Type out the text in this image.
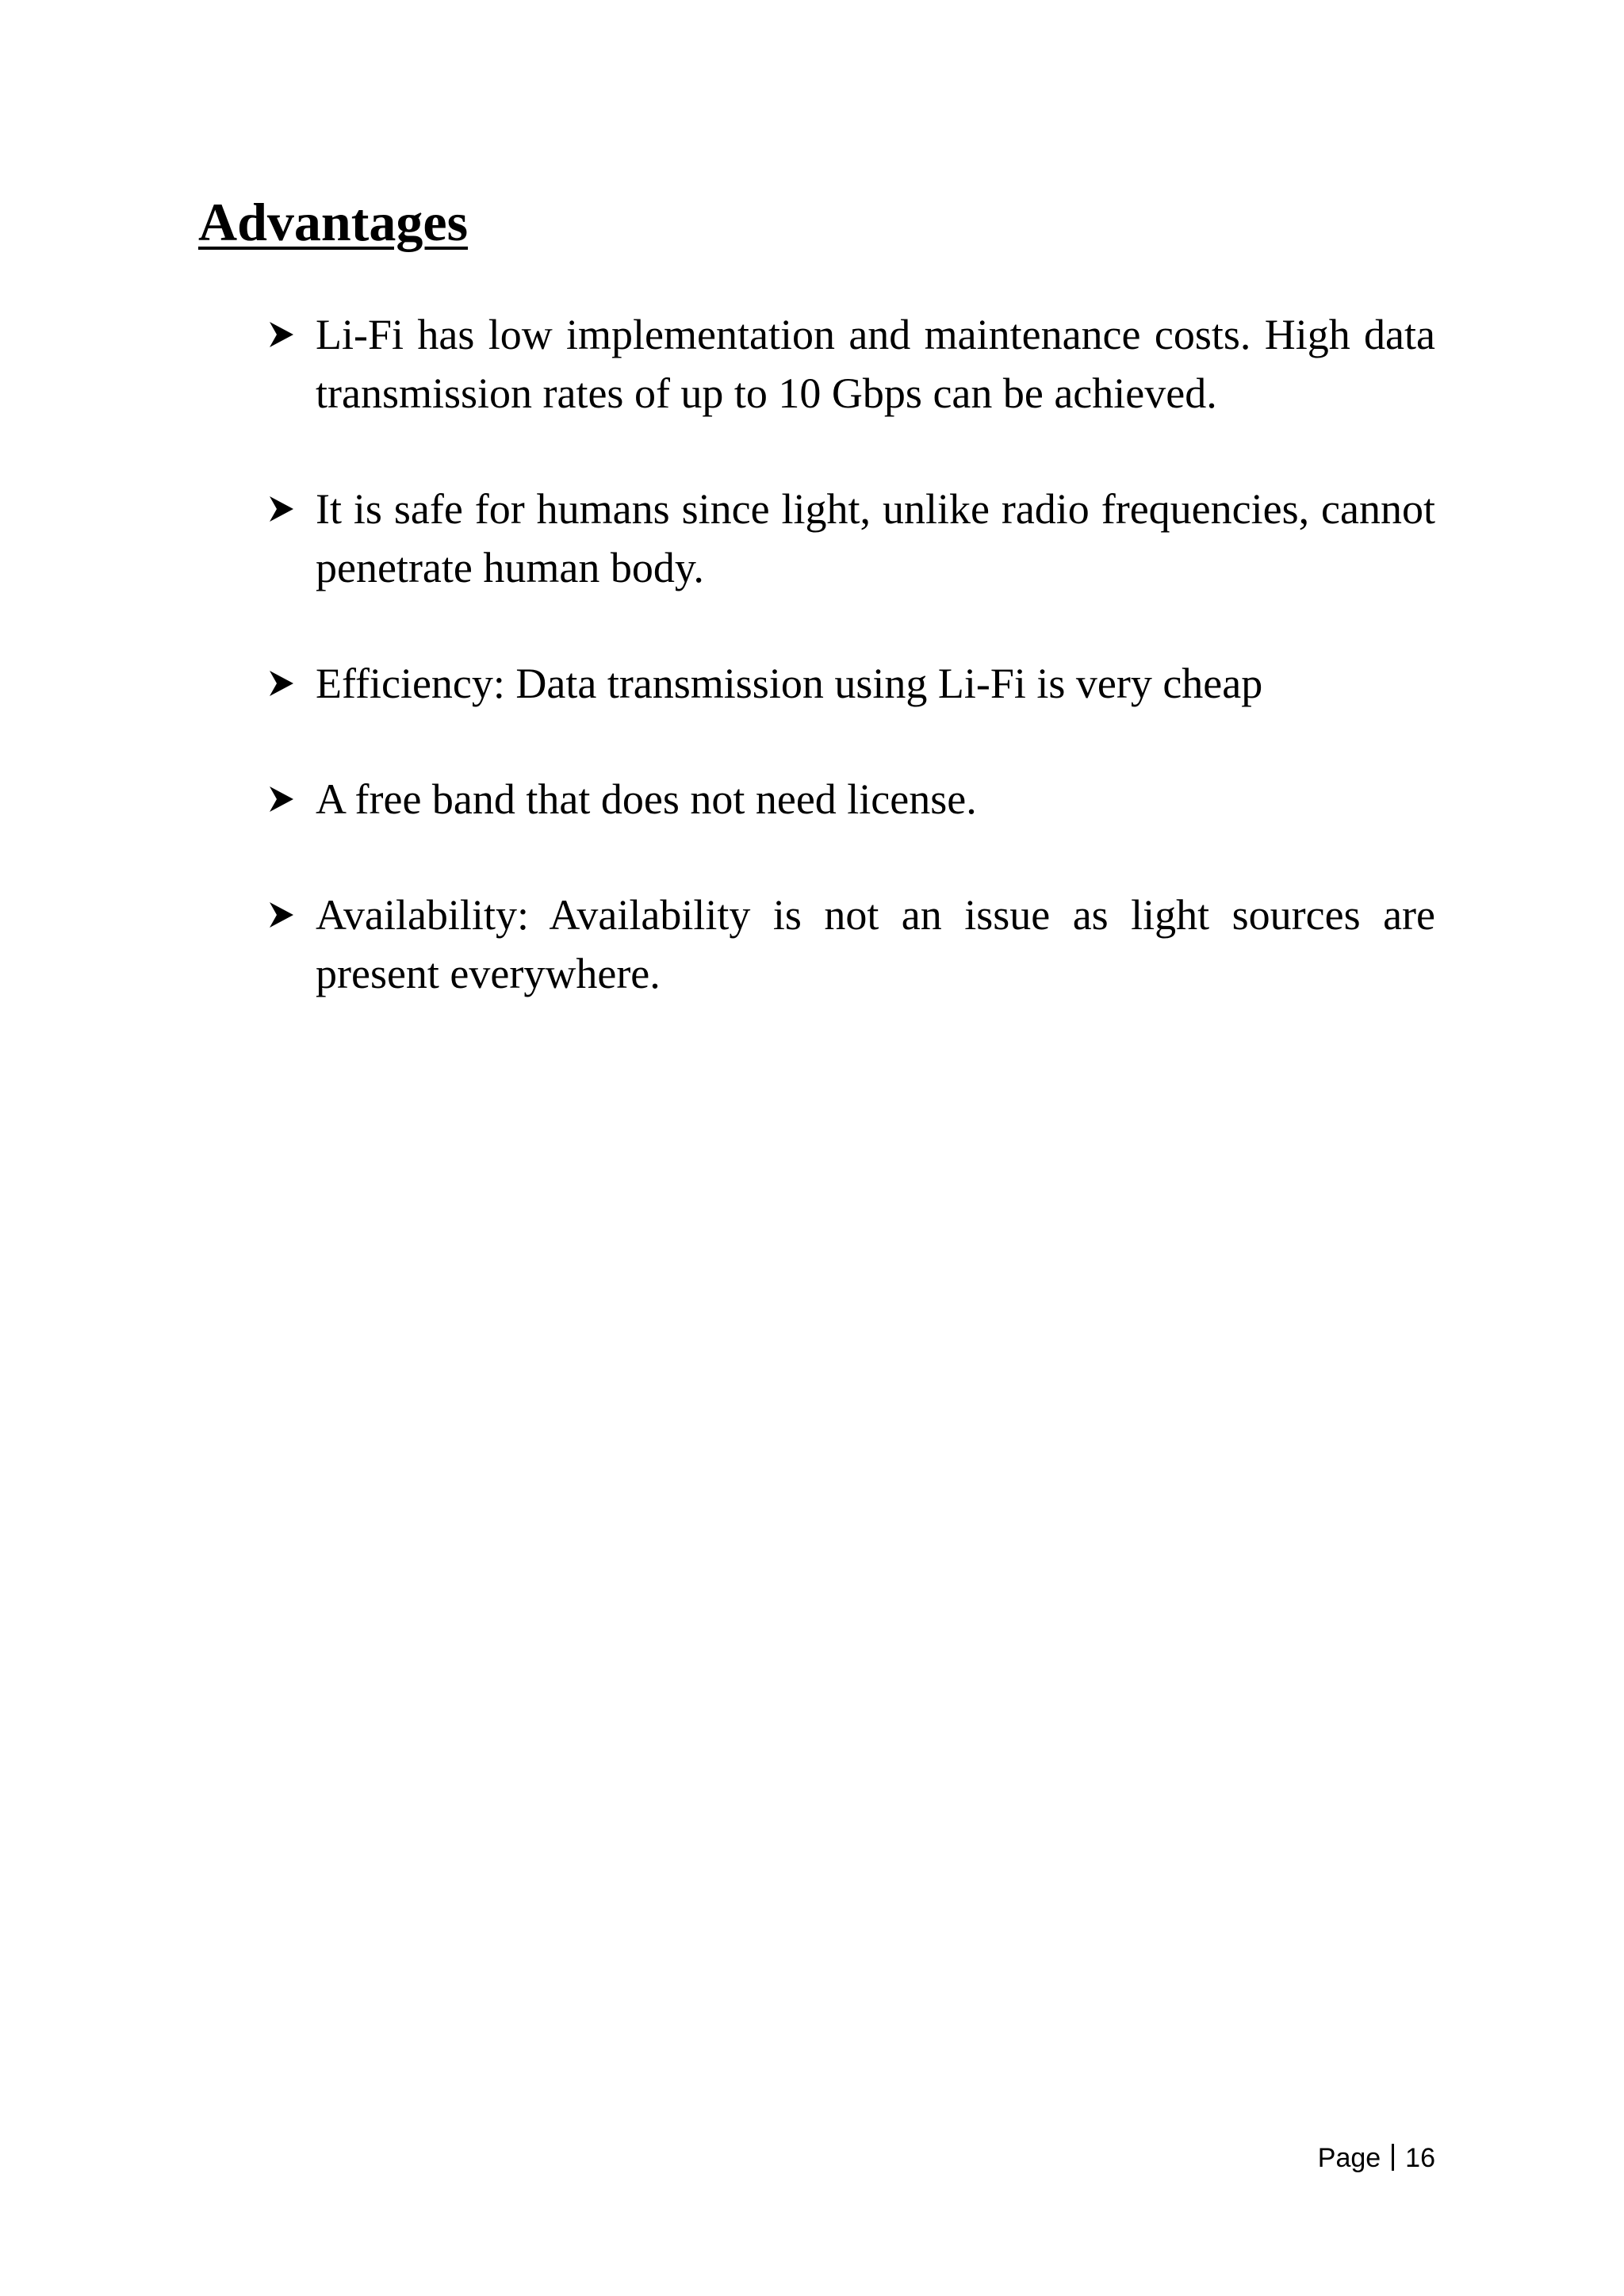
Advantages
Li-Fi has low implementation and maintenance costs. High data transmission rates of up to 10 Gbps can be achieved.
It is safe for humans since light, unlike radio frequencies, cannot penetrate human body.
Efficiency: Data transmission using Li-Fi is very cheap
A free band that does not need license.
Availability: Availability is not an issue as light sources are present everywhere.
Page 16
